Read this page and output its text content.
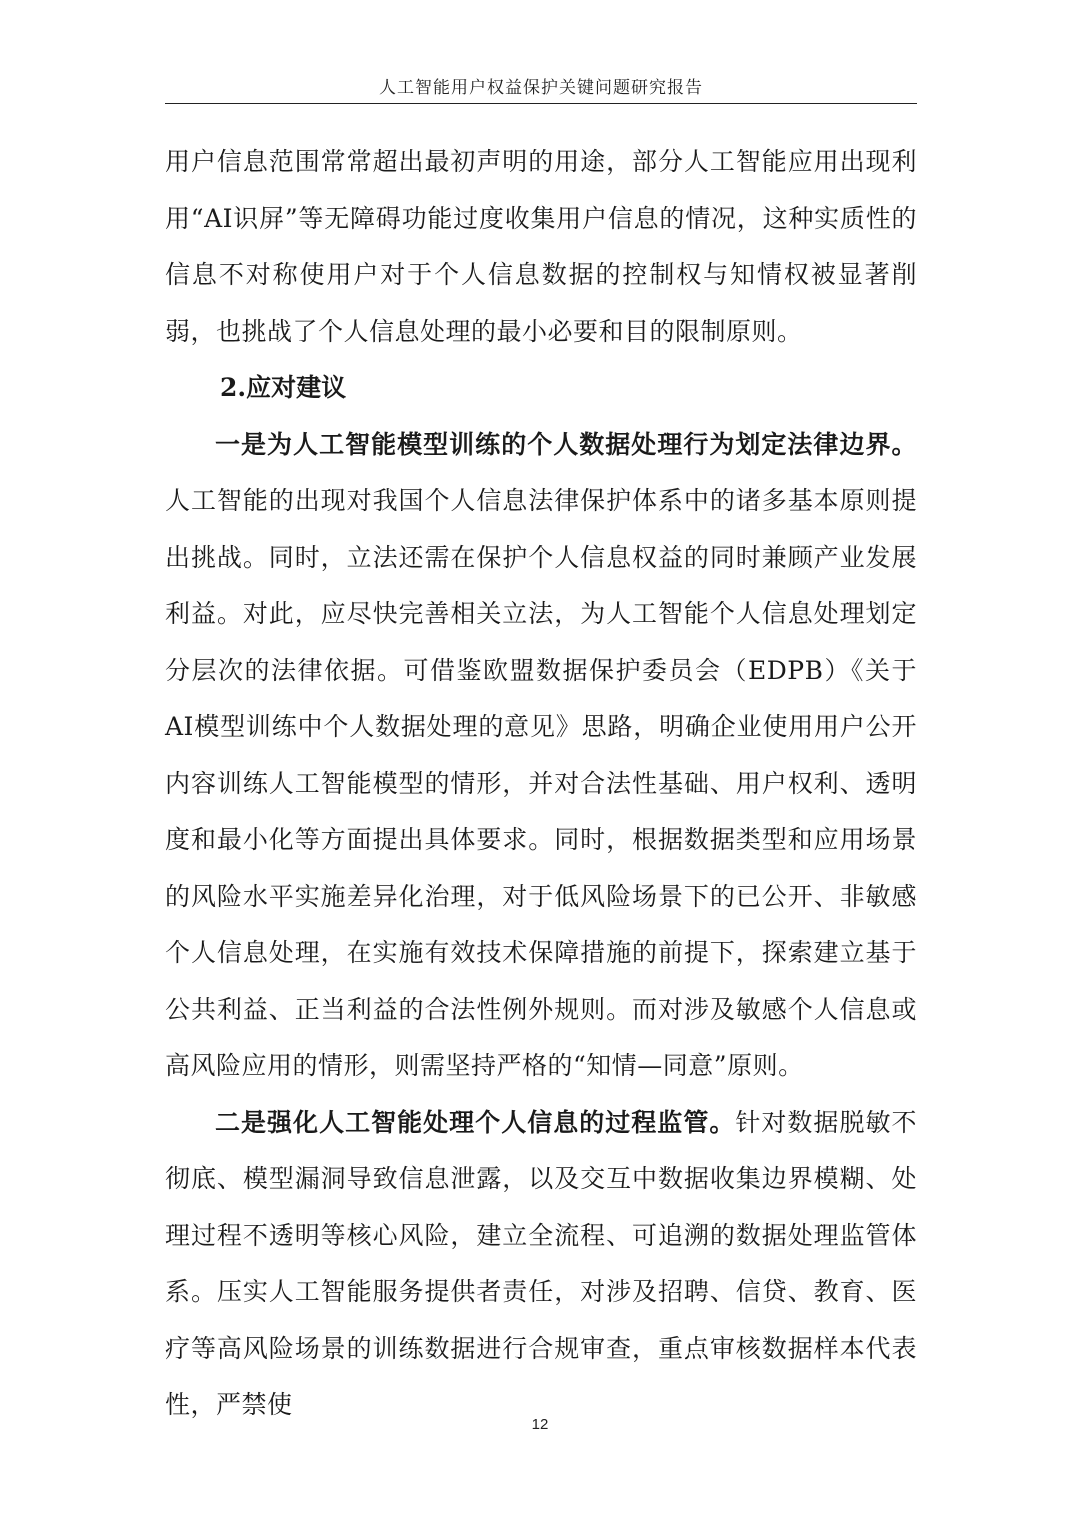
人工智能用户权益保护关键问题研究报告

用户信息范围常常超出最初声明的用途，部分人工智能应用出现利用“AI识屏”等无障碍功能过度收集用户信息的情况，这种实质性的信息不对称使用户对于个人信息数据的控制权与知情权被显著削弱，也挑战了个人信息处理的最小必要和目的限制原则。

2.应对建议

一是为人工智能模型训练的个人数据处理行为划定法律边界。人工智能的出现对我国个人信息法律保护体系中的诸多基本原则提出挑战。同时，立法还需在保护个人信息权益的同时兼顾产业发展利益。对此，应尽快完善相关立法，为人工智能个人信息处理划定分层次的法律依据。可借鉴欧盟数据保护委员会（EDPB）《关于AI模型训练中个人数据处理的意见》思路，明确企业使用用户公开内容训练人工智能模型的情形，并对合法性基础、用户权利、透明度和最小化等方面提出具体要求。同时，根据数据类型和应用场景的风险水平实施差异化治理，对于低风险场景下的已公开、非敏感个人信息处理，在实施有效技术保障措施的前提下，探索建立基于公共利益、正当利益的合法性例外规则。而对涉及敏感个人信息或高风险应用的情形，则需坚持严格的“知情—同意”原则。

二是强化人工智能处理个人信息的过程监管。针对数据脱敏不彻底、模型漏洞导致信息泄露，以及交互中数据收集边界模糊、处理过程不透明等核心风险，建立全流程、可追溯的数据处理监管体系。压实人工智能服务提供者责任，对涉及招聘、信贷、教育、医疗等高风险场景的训练数据进行合规审查，重点审核数据样本代表性，严禁使

12
